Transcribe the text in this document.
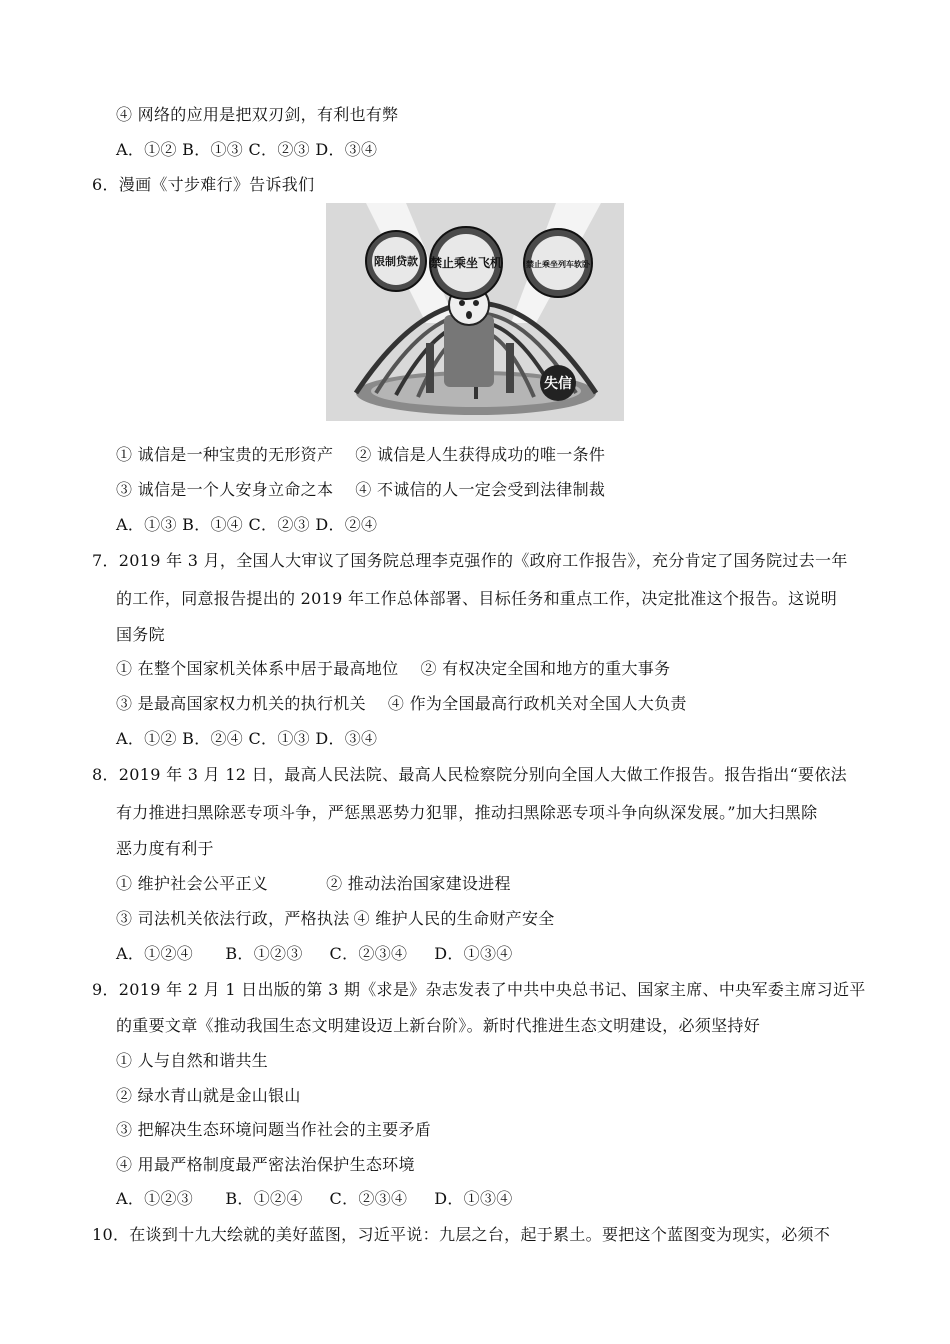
④ 网络的应用是把双刃剑，有利也有弊
A．①② B．①③ C．②③ D．③④
6．漫画《寸步难行》告诉我们
失信
限制贷款 禁止乘坐飞机	禁止乘坐列车软卧
① 诚信是一种宝贵的无形资产 ② 诚信是人生获得成功的唯一条件
③ 诚信是一个人安身立命之本 ④ 不诚信的人一定会受到法律制裁
A．①③ B．①④ C．②③ D．②④
7．2019 年 3 月，全国人大审议了国务院总理李克强作的《政府工作报告》，充分肯定了国务院过去一年
的工作，同意报告提出的 2019 年工作总体部署、目标任务和重点工作，决定批准这个报告。这说明
国务院
① 在整个国家机关体系中居于最高地位 ② 有权决定全国和地方的重大事务
③ 是最高国家权力机关的执行机关 ④ 作为全国最高行政机关对全国人大负责
A．①② B．②④ C．①③ D．③④
8．2019 年 3 月 12 日，最高人民法院、最高人民检察院分别向全国人大做工作报告。报告指出“要依法
有力推进扫黑除恶专项斗争，严惩黑恶势力犯罪，推动扫黑除恶专项斗争向纵深发展。”加大扫黑除
恶力度有利于
① 维护社会公平正义	② 推动法治国家建设进程
③ 司法机关依法行政，严格执法 ④ 维护人民的生命财产安全
A．①②④      B．①②③     C．②③④     D．①③④
9．2019 年 2 月 1 日出版的第 3 期《求是》杂志发表了中共中央总书记、国家主席、中央军委主席习近平
的重要文章《推动我国生态文明建设迈上新台阶》。新时代推进生态文明建设，必须坚持好
① 人与自然和谐共生
② 绿水青山就是金山银山
③ 把解决生态环境问题当作社会的主要矛盾
④ 用最严格制度最严密法治保护生态环境
A．①②③      B．①②④     C．②③④     D．①③④
10．在谈到十九大绘就的美好蓝图，习近平说：九层之台，起于累土。要把这个蓝图变为现实，必须不
